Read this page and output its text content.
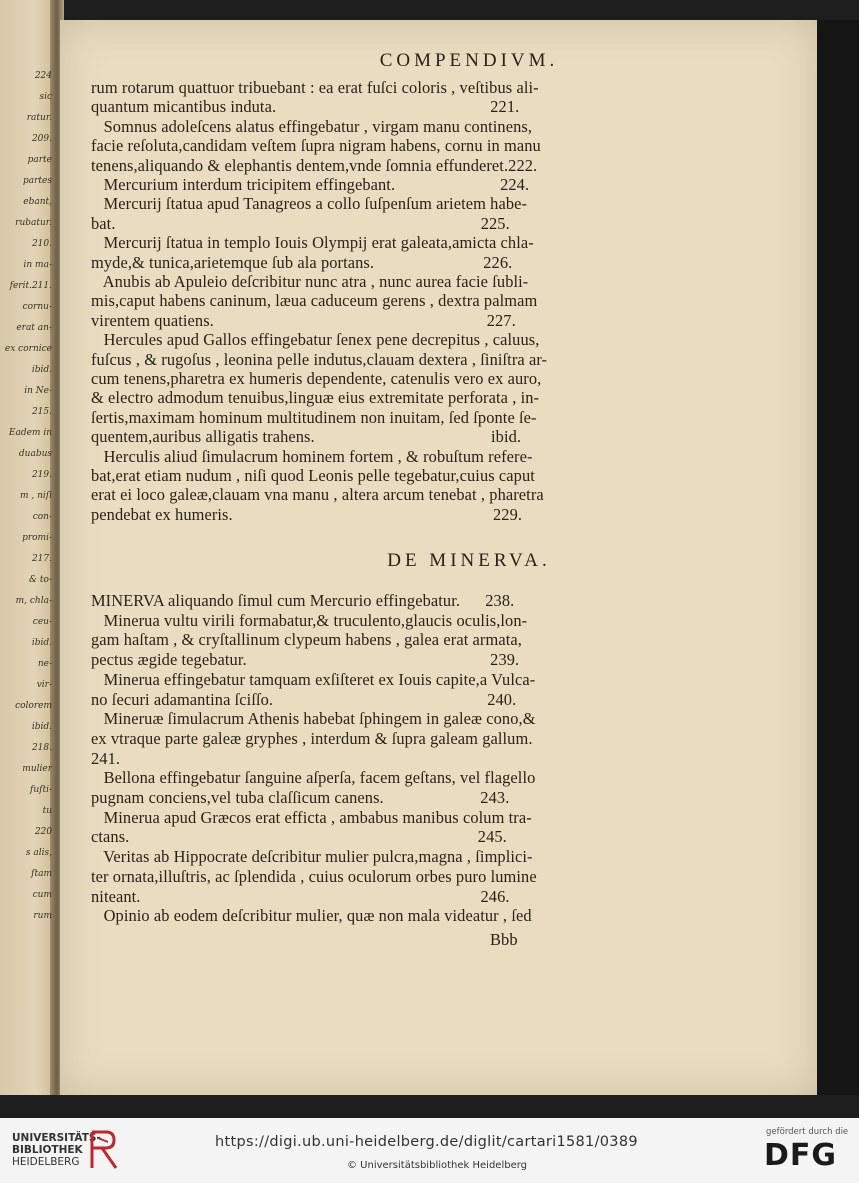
224
sic
ratur.
209.
parte
partes
ebant,
rubatur.
210.
in ma-
ferit.211.
cornu-
erat an-
ex cornice
ibid.
in Ne-
215.
Eadem in
duabus
219.
m , niſi
con-
promi-
217.
& to-
m, chla-
ceu-
ibid.
ne-
vir-
colorem
ibid.
218.
mulier
fuſti-
tu
220
s alis,
ſtam
cum
rum
COMPENDIVM.
rum rotarum quattuor tribuebant : ea erat fuſci coloris , veſtibus ali-
quantum micantibus induta.                                                   221.
Somnus adoleſcens alatus effingebatur , virgam manu continens,
facie reſoluta,candidam veſtem ſupra nigram habens, cornu in manu
tenens,aliquando & elephantis dentem,vnde ſomnia effunderet.222.
Mercurium interdum tricipitem effingebant.                         224.
Mercurij ſtatua apud Tanagreos a collo ſuſpenſum arietem habe-
bat.                                                                                       225.
Mercurij ſtatua in templo Iouis Olympij erat galeata,amicta chla-
myde,& tunica,arietemque ſub ala portans.                          226.
Anubis ab Apuleio deſcribitur nunc atra , nunc aurea facie ſubli-
mis,caput habens caninum, læua caduceum gerens , dextra palmam
virentem quatiens.                                                                 227.
Hercules apud Gallos effingebatur ſenex pene decrepitus , caluus,
fuſcus , & rugoſus , leonina pelle indutus,clauam dextera , ſiniſtra ar-
cum tenens,pharetra ex humeris dependente, catenulis vero ex auro,
& electro admodum tenuibus,linguæ eius extremitate perforata , in-
ſertis,maximam hominum multitudinem non inuitam, ſed ſponte ſe-
quentem,auribus alligatis trahens.                                          ibid.
Herculis aliud ſimulacrum hominem fortem , & robuſtum refere-
bat,erat etiam nudum , niſi quod Leonis pelle tegebatur,cuius caput
erat ei loco galeæ,clauam vna manu , altera arcum tenebat , pharetra
pendebat ex humeris.                                                              229.
DE MINERVA.
MINERVA aliquando ſimul cum Mercurio effingebatur.      238.
Minerua vultu virili formabatur,& truculento,glaucis oculis,lon-
gam haſtam , & cryſtallinum clypeum habens , galea erat armata,
pectus ægide tegebatur.                                                          239.
Minerua effingebatur tamquam exſiſteret ex Iouis capite,a Vulca-
no ſecuri adamantina ſciſſo.                                                   240.
Mineruæ ſimulacrum Athenis habebat ſphingem in galeæ cono,&
ex vtraque parte galeæ gryphes , interdum & ſupra galeam gallum.
241.
Bellona effingebatur ſanguine aſperſa, facem geſtans, vel flagello
pugnam conciens,vel tuba claſſicum canens.                       243.
Minerua apud Græcos erat efficta , ambabus manibus colum tra-
ctans.                                                                                   245.
Veritas ab Hippocrate deſcribitur mulier pulcra,magna , ſimplici-
ter ornata,illuſtris, ac ſplendida , cuius oculorum orbes puro lumine
niteant.                                                                                 246.
Opinio ab eodem deſcribitur mulier, quæ non mala videatur , ſed
Bbb
UNIVERSITÄTS-
BIBLIOTHEK
HEIDELBERG
https://digi.ub.uni-heidelberg.de/diglit/cartari1581/0389
© Universitätsbibliothek Heidelberg
gefördert durch die
DFG
